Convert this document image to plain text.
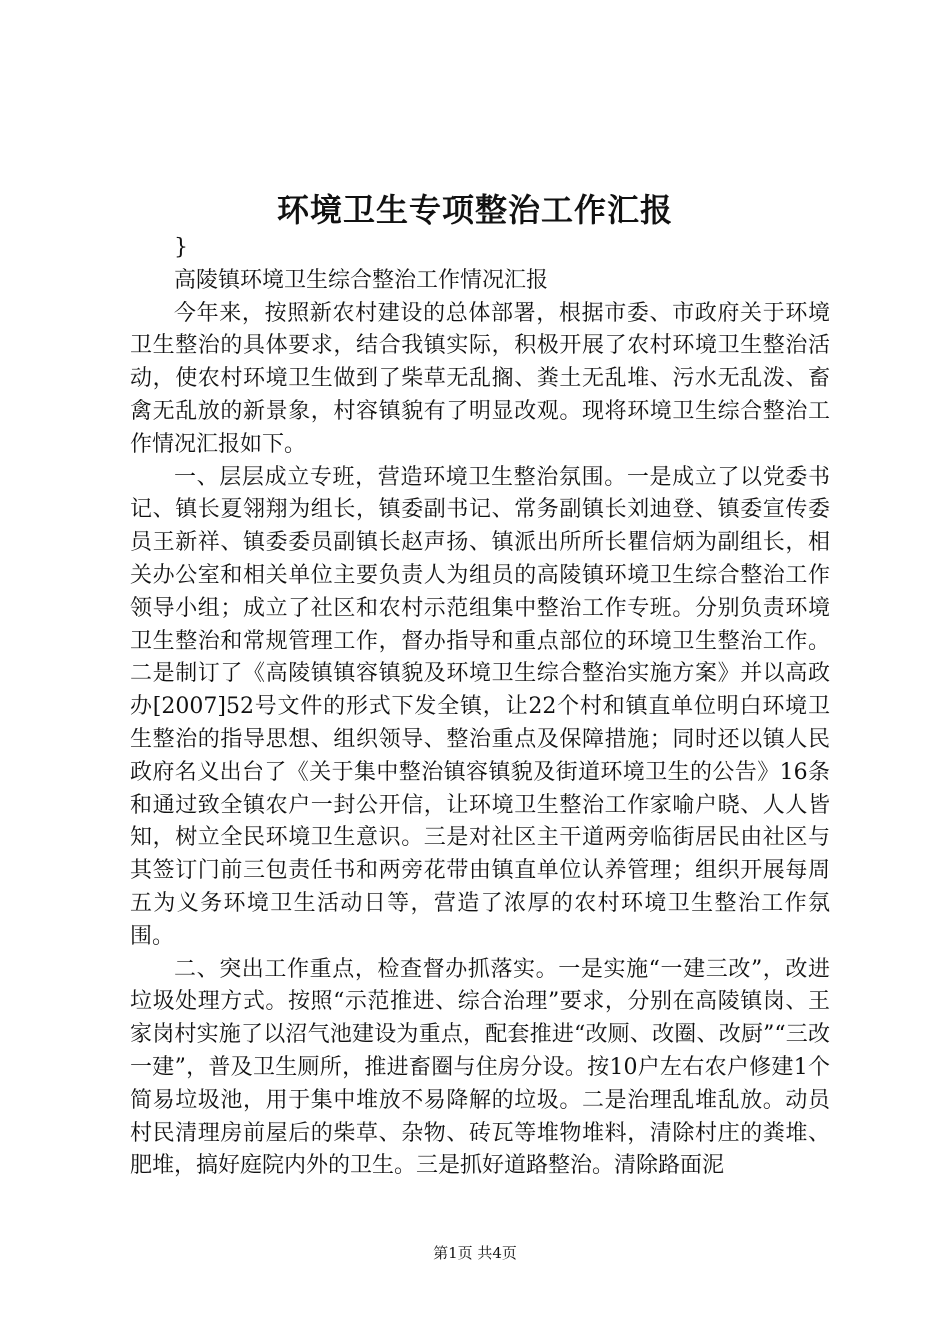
环境卫生专项整治工作汇报

}

高陵镇环境卫生综合整治工作情况汇报

今年来，按照新农村建设的总体部署，根据市委、市政府关于环境卫生整治的具体要求，结合我镇实际，积极开展了农村环境卫生整治活动，使农村环境卫生做到了柴草无乱搁、粪土无乱堆、污水无乱泼、畜禽无乱放的新景象，村容镇貌有了明显改观。现将环境卫生综合整治工作情况汇报如下。

一、层层成立专班，营造环境卫生整治氛围。一是成立了以党委书记、镇长夏翎翔为组长，镇委副书记、常务副镇长刘迪登、镇委宣传委员王新祥、镇委委员副镇长赵声扬、镇派出所所长瞿信炳为副组长，相关办公室和相关单位主要负责人为组员的高陵镇环境卫生综合整治工作领导小组；成立了社区和农村示范组集中整治工作专班。分别负责环境卫生整治和常规管理工作，督办指导和重点部位的环境卫生整治工作。二是制订了《高陵镇镇容镇貌及环境卫生综合整治实施方案》并以高政办[2007]52号文件的形式下发全镇，让22个村和镇直单位明白环境卫生整治的指导思想、组织领导、整治重点及保障措施；同时还以镇人民政府名义出台了《关于集中整治镇容镇貌及街道环境卫生的公告》16条和通过致全镇农户一封公开信，让环境卫生整治工作家喻户晓、人人皆知，树立全民环境卫生意识。三是对社区主干道两旁临街居民由社区与其签订门前三包责任书和两旁花带由镇直单位认养管理；组织开展每周五为义务环境卫生活动日等，营造了浓厚的农村环境卫生整治工作氛围。

二、突出工作重点，检查督办抓落实。一是实施“一建三改”，改进垃圾处理方式。按照“示范推进、综合治理”要求，分别在高陵镇岗、王家岗村实施了以沼气池建设为重点，配套推进“改厕、改圈、改厨”“三改一建”，普及卫生厕所，推进畜圈与住房分设。按10户左右农户修建1个简易垃圾池，用于集中堆放不易降解的垃圾。二是治理乱堆乱放。动员村民清理房前屋后的柴草、杂物、砖瓦等堆物堆料，清除村庄的粪堆、肥堆，搞好庭院内外的卫生。三是抓好道路整治。清除路面泥

第1页 共4页
